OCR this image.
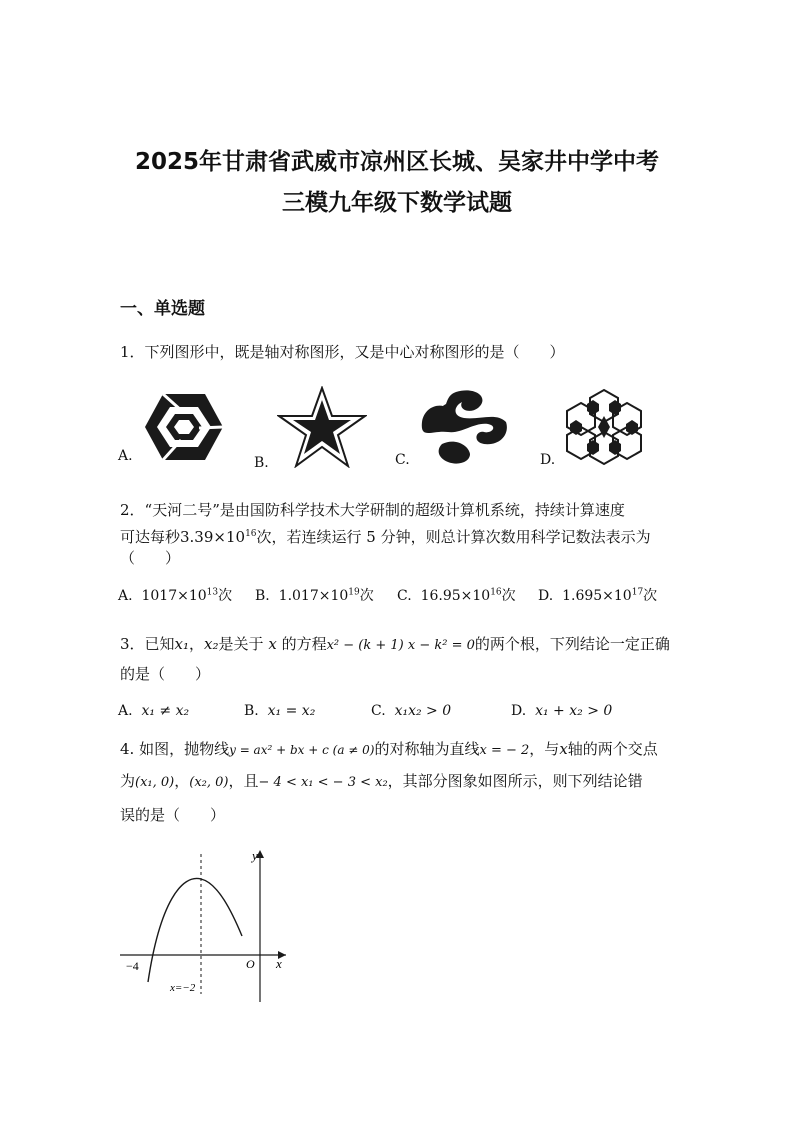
2025年甘肃省武威市凉州区长城、吴家井中学中考
三模九年级下数学试题
一、单选题
1．下列图形中，既是轴对称图形，又是中心对称图形的是（　　）
A.	B.	C.	D.
2．“天河二号”是由国防科学技术大学研制的超级计算机系统，持续计算速度
可达每秒$3.39\times 10^{16}$次，若连续运行 5 分钟，则总计算次数用科学记数法表示为
（　　）
A. $1017\times 10^{13}$次 B. $1.017\times 10^{19}$次 C. $16.95\times 10^{16}$次 D. $1.695\times 10^{17}$次
3．已知x₁，x₂是关于 x 的方程x² − (k + 1) x − k² = 0的两个根，下列结论一定正确
的是（　　）
A. x₁ ≠ x₂	B. x₁ = x₂	C. x₁x₂ > 0	D. x₁ + x₂ > 0
4. 如图，抛物线y = ax² + bx + c (a ≠ 0)的对称轴为直线x = − 2，与x轴的两个交点
为(x₁, 0)，(x₂, 0)，且− 4 < x₁ < − 3 < x₂，其部分图象如图所示，则下列结论错
误的是（　　）
y
x
O
−4
x=−2
